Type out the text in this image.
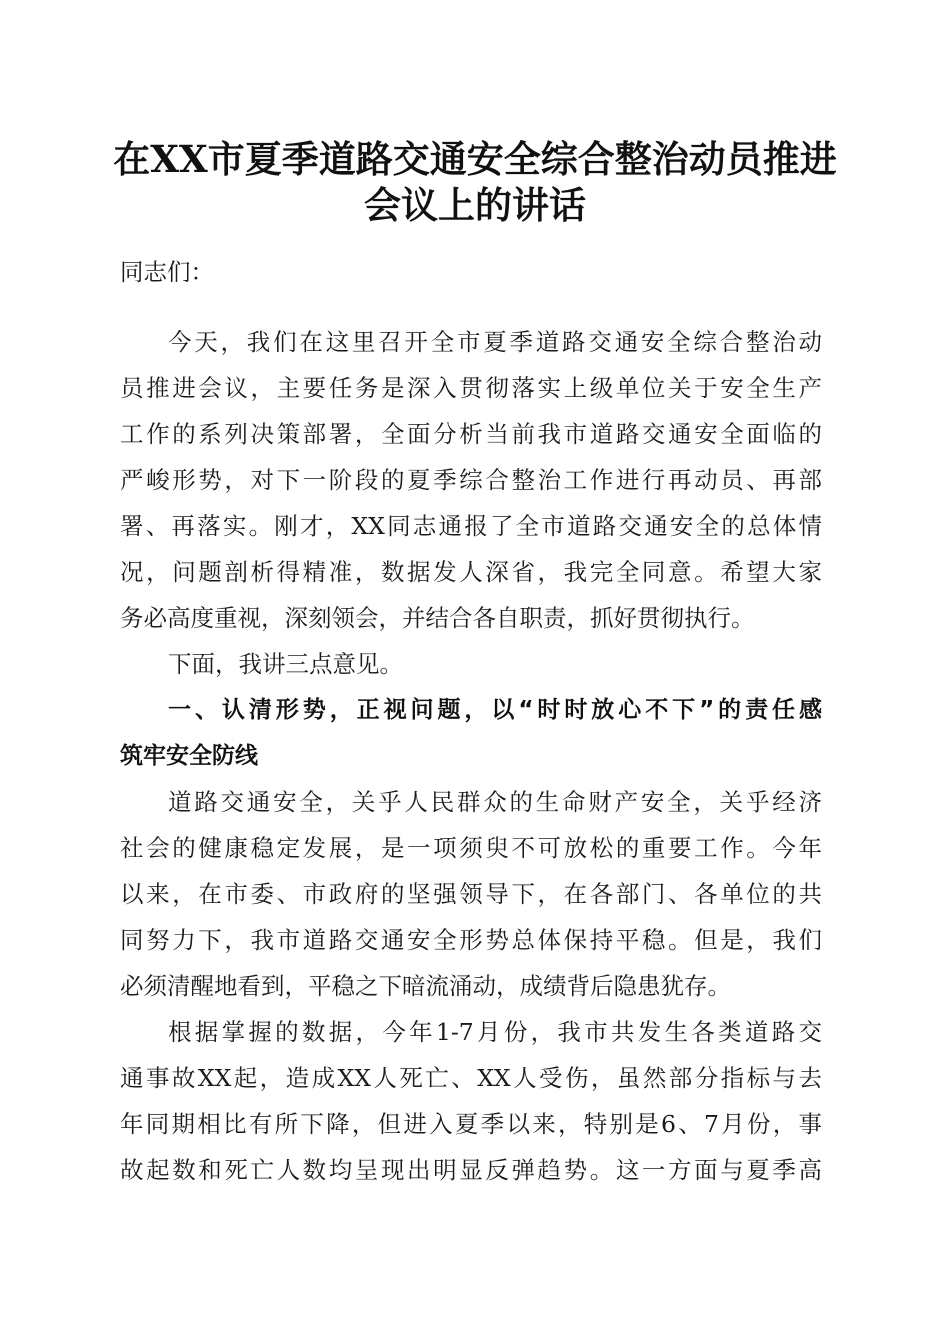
在XX市夏季道路交通安全综合整治动员推进
会议上的讲话
同志们：
今天，我们在这里召开全市夏季道路交通安全综合整治动
员推进会议，主要任务是深入贯彻落实上级单位关于安全生产
工作的系列决策部署，全面分析当前我市道路交通安全面临的
严峻形势，对下一阶段的夏季综合整治工作进行再动员、再部
署、再落实。刚才，XX同志通报了全市道路交通安全的总体情
况，问题剖析得精准，数据发人深省，我完全同意。希望大家
务必高度重视，深刻领会，并结合各自职责，抓好贯彻执行。
下面，我讲三点意见。
一、认清形势，正视问题，以“时时放心不下”的责任感
筑牢安全防线
道路交通安全，关乎人民群众的生命财产安全，关乎经济
社会的健康稳定发展，是一项须臾不可放松的重要工作。今年
以来，在市委、市政府的坚强领导下，在各部门、各单位的共
同努力下，我市道路交通安全形势总体保持平稳。但是，我们
必须清醒地看到，平稳之下暗流涌动，成绩背后隐患犹存。
根据掌握的数据，今年1-7月份，我市共发生各类道路交
通事故XX起，造成XX人死亡、XX人受伤，虽然部分指标与去
年同期相比有所下降，但进入夏季以来，特别是6、7月份，事
故起数和死亡人数均呈现出明显反弹趋势。这一方面与夏季高
